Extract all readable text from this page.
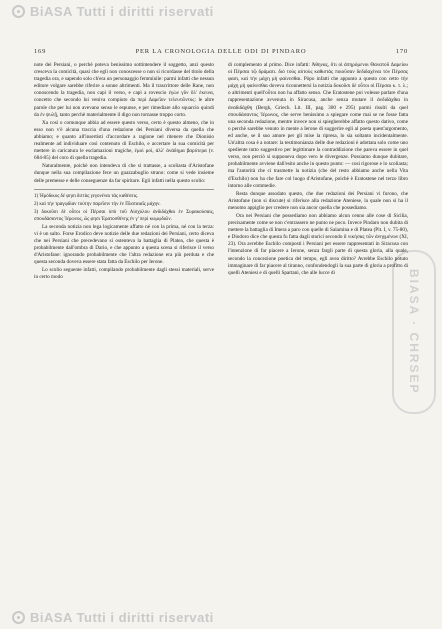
BiASA Tutti i diritti riservati
BIASA · CHRSEP
169	PER LA CRONOLOGIA DELLE ODI DI PINDARO	170

note dei Persiani, o perchè poteva benissimo sottintendere il soggetto, anzi questo cresceva la comicità, quasi che egli non conoscesse o non si ricordasse del titolo della tragedia ora, e sapendo solo ch'era un personaggio femminile: parmi infatti che nessun editore volgare sarebbe riferire a sonne altrimenti. Ma il trascrittore delle Rane, non conoscendo la tragedia, non capì il verso, e capì a rovescio ἐγὼν γῦν ὄλ' ἐκεινα, concetto che secondo lui veniva compiuto da περὶ Δαρεῖον τελευτῶντος: le altre parole che per lui non avevano senso le espunse, e per rimediare allo squarcio quindi da ἐν ψυλῇ, tanto perchè materialmente il digo non tornasse troppo corto.

Xa così o comunque abbia ad essere questo verso, certo è questo almeno, che in esso non v'è alcuna traccia d'una redazione dei Persiani diversa da quella che abbiamo; e quanto all'insertisti d'accordare a ragione nel ritenere che Dionisio realmente ad individuare così contenuto di Eschilo, e accertare la sua comicità per mettere in caricatura le esclamazioni tragiche, ἐμοὶ μοὶ, ἀλλ' ἀνάδημα βαρύτερα (v. 684-85) del coro di quella tragedia.

Naturalmente, poichè non intendeva di che si trattasse, a scoliasta d'Aristofane dunque nella sua compilazione fece un guazzabuglio strano: come si vede insieme delle premesse e delle conseguenze da far spiritare. Egli infatti nella questo scolio:

1) Ἡρόδικος δέ φησι διττὰς γεγονέναι τὰς καθέσεις.
2) καὶ τὴν τραγῳδίαν τούτην παρεῖσιν τὴν ἐν Πλαταιαῖς μάχην.
3) δοκοῦσι δὲ οὗτοι οἱ Πέρσαι ὑπὸ τοῦ Αἰσχύλου ἀνδιδάχθαι ἐν Συρακούσαις, σπουδάσαντος Ἱέρωνος, ὥς φησι Ἐρατοσθένης ἐν γ' περὶ κωμῳδιῶν.

La seconda notizia non lega logicamente affatto né con la prima, né con la terza: vi è un salto. Forse Erodico deve notizie delle due redazioni dei Persiani, certo diceva che nei Persiani che precedevano si ostenteva la battaglia di Platea, che questa è probabilmente dall'ombra di Dario, e che appunto a questa scena si riferisce il verso d'Aristofane: ignorando probabilmente che l'altra redazione era più perduta e che questa seconda doveva essere stata fatta da Eschilo per Ierone.

Lo scolio seguente infatti, compilando probabilmente dagli stessi materiali, serve in certo modo

di complemento al primo. Dice infatti: Ἀθηνας, ὅτι οἱ ἀπηρόμενοι Θανατοῦ Δαρείου οἱ Πέρσαι τῷ δράματι. διὸ τοὺς αὐτοὺς καθιστὰς ποιοῦσαν δεδιδαχέναι τὸν Πέρσας φασι, καὶ τὴν μάχη μὴ φαίνεσθαι. Pòpo infatti che appunto a questo con cetto τὴν μάχη μὴ φαίνεσθαι doveva riconnettersi la notizia δοκοῦσι δὲ οὗτοι οἱ Πέρσαι κ. τ. λ.; o altrimenti quell'οὗτοι non ha affatto senso. Che Eratostene poi volesse parlare d'una rappresentazione avvenuta in Siracusa, anche senza mutare il ἀνδιδάχθαι in ἀναδιδάχθη (Bergk, Griech. Lit. III, pag. 300 e 295) parmi risulti da quel σπουδάσαντος Ἱέρωνος, che serve benissimo a spiegare come mai se ne fosse fatta una seconda redazione, mentre invece non si spiegherebbe affatto questo dativo, come o perchè sarebbe venuto in mente a Ierone di suggerire egli al poeta quest'argomento, ed anche, se il suo amore per gli mise la ripresa, lo sia soltanto incidentalmente. Un'altra cosa è a notare: la testimonianza delle due redazioni è adottata solo come uno spediente tutto suggestivo per legittimare la contraddizione che pareva essere in quel verso, non perciò si supponeva dopo vero le divergenze. Possiamo dunque dubitare, probabilmente avviene dall'esito anche in questo punto: — cosi rigorose e lo scoliasta; ma l'autorità che ci trasmette la notizia (che del resto abbiamo anche nella Vita d'Eschilo) non ha che fare col luogo d'Aristofane, poichè è Eratostene nel terzo libro intorno alle commedie.

Resta dunque assodato questo, che due redazioni dei Persiani vi furono, che Aristofane (non si discute) si riferisce alla redazione Ateniese, la quale non si ha il menomo appiglio per credere non sia ancor quella che possediamo.

Ora nei Persiani che possediamo non abbiamo alcun cenno alle cose di Sicilia, precisamente come se non c'entrassero ne punto ne poco. Invece Pindaro non dubita di mettere la battaglia di Imera a paro con quelle di Salamina e di Platea (Pit. I, v. 75-80), e Diodoro dice che questa fu fatta dagli storici secondo il νικήσας τῶν ἀνηγμένων (XI, 23). Ora avrebbe Eschilo composti i Persiani per essere rappresentati in Siracusa con l'intenzione di far piacere a Ierone, senza fargli parte di questa gloria, alla quale, secondo la concezione poetica del tempo, egli avea diritto? Avrebbe Eschilo potuto immaginare di far piacere al tiranno, confondendogli la sua parte di gloria a profitto di quelli Ateniesi e di quelli Spartani, che alle lucce di

BiASA Tutti i diritti riservati
